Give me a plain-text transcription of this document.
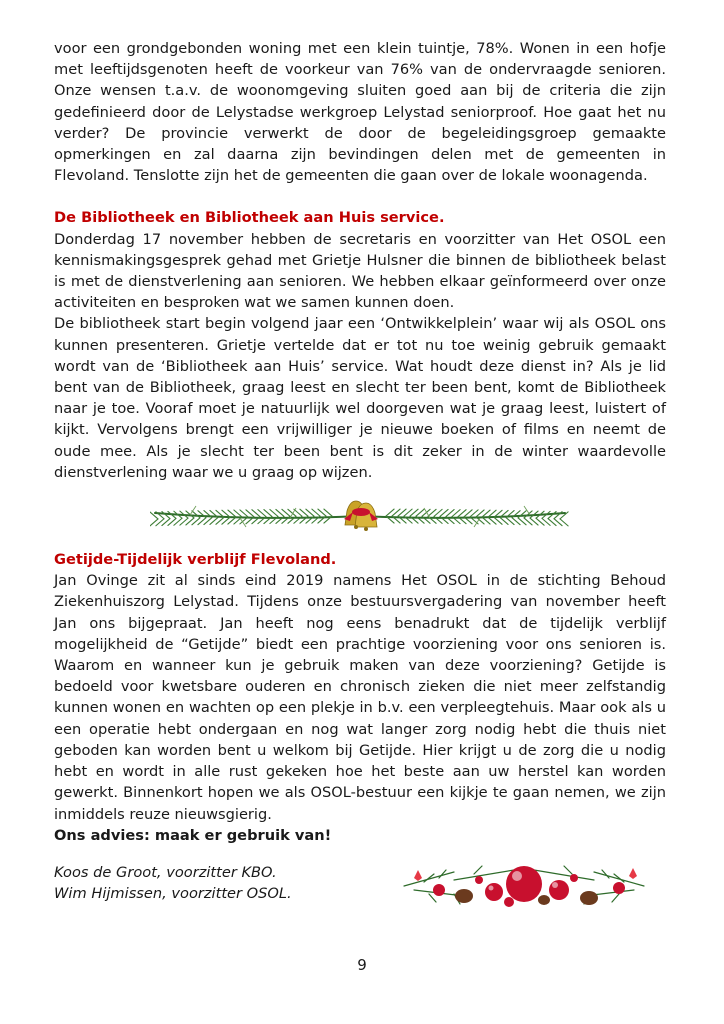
voor een grondgebonden woning met een klein tuintje, 78%. Wonen in een hofje met leeftijdsgenoten heeft de voorkeur van 76% van de ondervraagde senioren. Onze wensen t.a.v. de woonomgeving sluiten goed aan bij de criteria die zijn gedefinieerd door de Lelystadse werkgroep Lelystad seniorproof. Hoe gaat het nu verder? De provincie verwerkt de door de begeleidingsgroep gemaakte opmerkingen en zal daarna zijn bevindingen delen met de gemeenten in Flevoland. Tenslotte zijn het de gemeenten die gaan over de lokale woonagenda.

De Bibliotheek en Bibliotheek aan Huis service.

Donderdag 17 november hebben de secretaris en voorzitter van Het OSOL een kennismakingsgesprek gehad met Grietje Hulsner die binnen de bibliotheek belast is met de dienstverlening aan senioren. We hebben elkaar geïnformeerd over onze activiteiten en besproken wat we samen kunnen doen.

De bibliotheek start begin volgend jaar een ‘Ontwikkelplein’ waar wij als OSOL ons kunnen presenteren. Grietje vertelde dat er tot nu toe weinig gebruik gemaakt wordt van de ‘Bibliotheek aan Huis’ service. Wat houdt deze dienst in? Als je lid bent van de Bibliotheek, graag leest en slecht ter been bent, komt de Bibliotheek naar je toe. Vooraf moet je natuurlijk wel doorgeven wat je graag leest, luistert of kijkt. Vervolgens brengt een vrijwilliger je nieuwe boeken of films en neemt de oude mee. Als je slecht ter been bent is dit zeker in de winter waardevolle dienstverlening waar we u graag op wijzen.

Getijde-Tijdelijk verblijf Flevoland.

Jan Ovinge zit al sinds eind 2019 namens Het OSOL in de stichting Behoud Ziekenhuiszorg Lelystad. Tijdens onze bestuursvergadering van november heeft Jan ons bijgepraat. Jan heeft nog eens benadrukt dat de tijdelijk verblijf mogelijkheid de “Getijde” biedt een prachtige voorziening voor ons senioren is. Waarom en wanneer kun je gebruik maken van deze voorziening? Getijde is bedoeld voor kwetsbare ouderen en chronisch zieken die niet meer zelfstandig kunnen wonen en wachten op een plekje in b.v. een verpleegtehuis. Maar ook als u een operatie hebt ondergaan en nog wat langer zorg nodig hebt die thuis niet geboden kan worden bent u welkom bij Getijde. Hier krijgt u de zorg die u nodig hebt en wordt in alle rust gekeken hoe het beste aan uw herstel kan worden gewerkt. Binnenkort hopen we als OSOL-bestuur een kijkje te gaan nemen, we zijn inmiddels reuze nieuwsgierig.

Ons advies: maak er gebruik van!

Koos de Groot, voorzitter KBO.
Wim Hijmissen, voorzitter OSOL.
9
